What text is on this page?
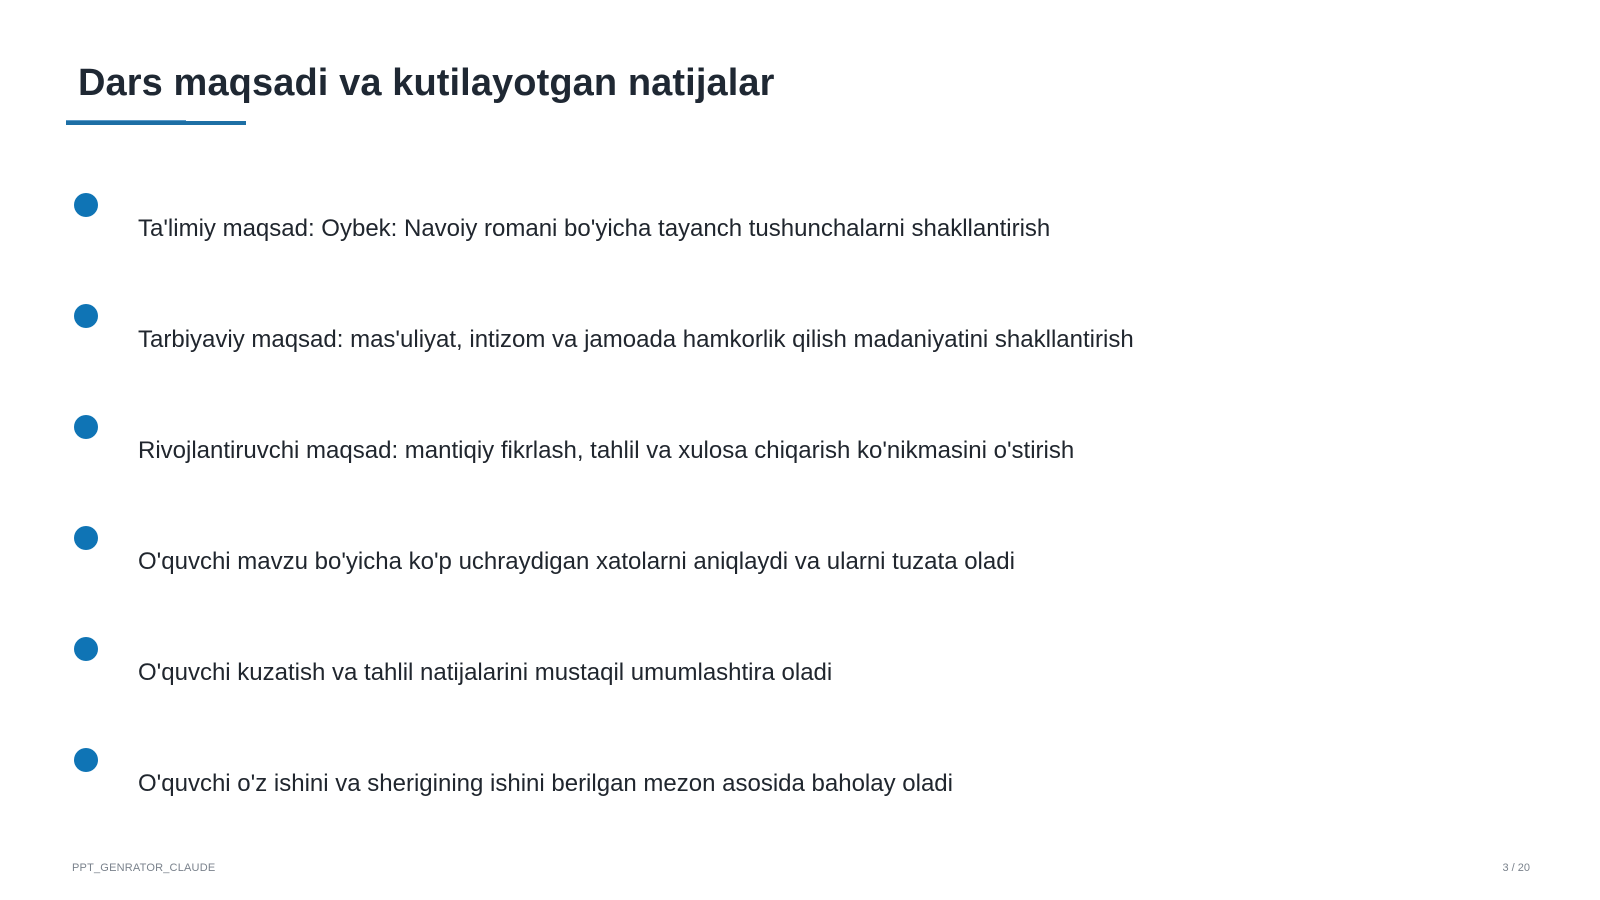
Dars maqsadi va kutilayotgan natijalar
Ta'limiy maqsad: Oybek: Navoiy romani bo'yicha tayanch tushunchalarni shakllantirish
Tarbiyaviy maqsad: mas'uliyat, intizom va jamoada hamkorlik qilish madaniyatini shakllantirish
Rivojlantiruvchi maqsad: mantiqiy fikrlash, tahlil va xulosa chiqarish ko'nikmasini o'stirish
O'quvchi mavzu bo'yicha ko'p uchraydigan xatolarni aniqlaydi va ularni tuzata oladi
O'quvchi kuzatish va tahlil natijalarini mustaqil umumlashtira oladi
O'quvchi o'z ishini va sherigining ishini berilgan mezon asosida baholay oladi
PPT_GENRATOR_CLAUDE	3 / 20
